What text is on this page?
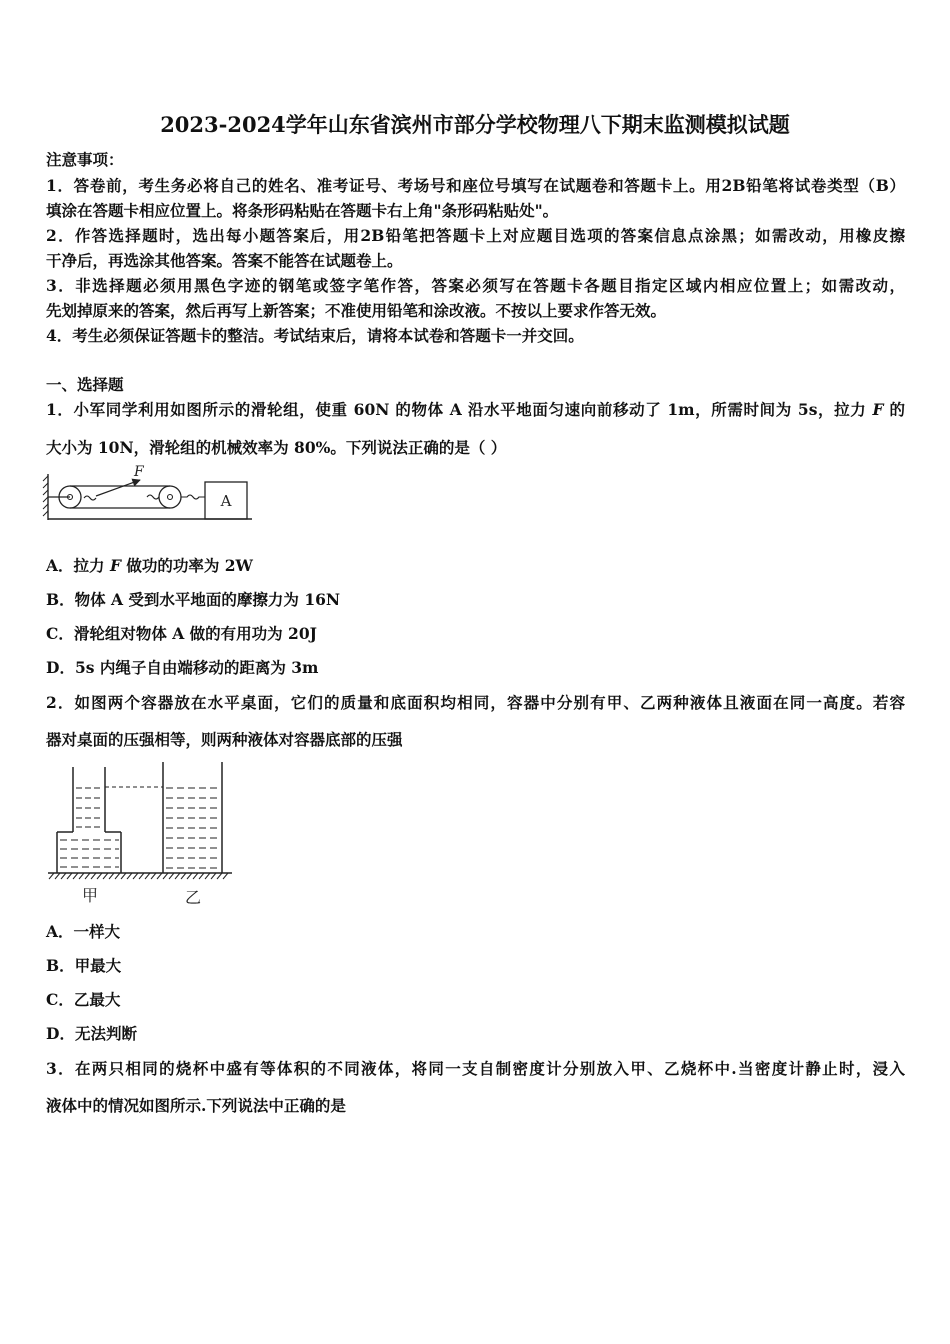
2023-2024学年山东省滨州市部分学校物理八下期末监测模拟试题
注意事项：
1．答卷前，考生务必将自己的姓名、准考证号、考场号和座位号填写在试题卷和答题卡上。用2B铅笔将试卷类型（B）
填涂在答题卡相应位置上。将条形码粘贴在答题卡右上角"条形码粘贴处"。
2．作答选择题时，选出每小题答案后，用2B铅笔把答题卡上对应题目选项的答案信息点涂黑；如需改动，用橡皮擦
干净后，再选涂其他答案。答案不能答在试题卷上。
3．非选择题必须用黑色字迹的钢笔或签字笔作答，答案必须写在答题卡各题目指定区域内相应位置上；如需改动，
先划掉原来的答案，然后再写上新答案；不准使用铅笔和涂改液。不按以上要求作答无效。
4．考生必须保证答题卡的整洁。考试结束后，请将本试卷和答题卡一并交回。
一、选择题
1．小军同学利用如图所示的滑轮组，使重 60N 的物体 A 沿水平地面匀速向前移动了 1m，所需时间为 5s，拉力 F 的
大小为 10N，滑轮组的机械效率为 80%。下列说法正确的是（ ）
F
A
A．拉力 F 做功的功率为 2W
B．物体 A 受到水平地面的摩擦力为 16N
C．滑轮组对物体 A 做的有用功为 20J
D．5s 内绳子自由端移动的距离为 3m
2．如图两个容器放在水平桌面，它们的质量和底面积均相同，容器中分别有甲、乙两种液体且液面在同一高度。若容
器对桌面的压强相等，则两种液体对容器底部的压强
甲	乙
A．一样大
B．甲最大
C．乙最大
D．无法判断
3．在两只相同的烧杯中盛有等体积的不同液体，将同一支自制密度计分别放入甲、乙烧杯中.当密度计静止时，浸入
液体中的情况如图所示.下列说法中正确的是
